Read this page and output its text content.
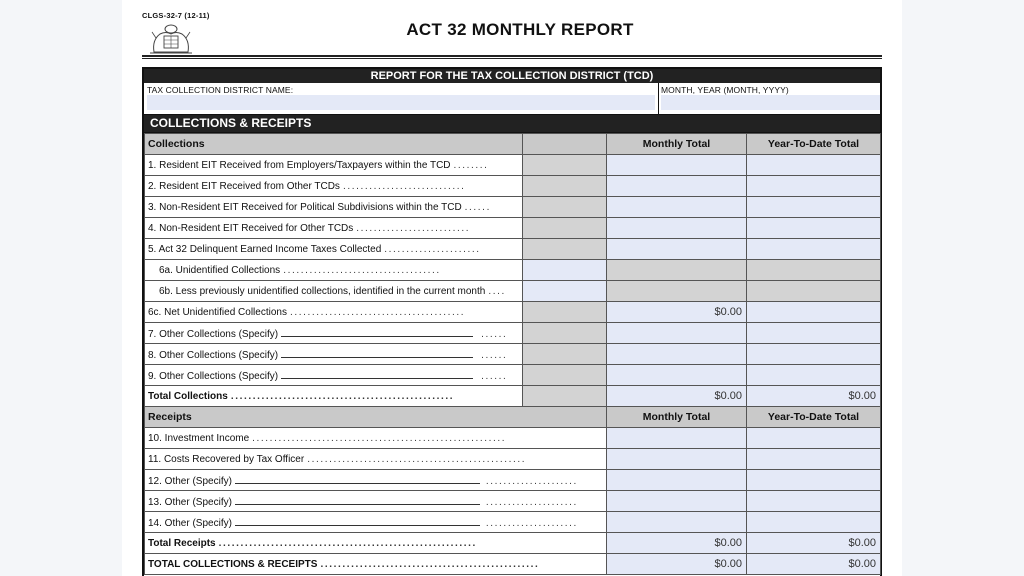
CLGS-32-7 (12-11)
ACT 32 MONTHLY REPORT
REPORT FOR THE TAX COLLECTION DISTRICT (TCD)
TAX COLLECTION DISTRICT NAME:	MONTH, YEAR (MONTH, YYYY)
COLLECTIONS & RECEIPTS
Collections		Monthly Total	Year-To-Date Total
1. Resident EIT Received from Employers/Taxpayers within the TCD ........			
2. Resident EIT Received from Other TCDs ............................			
3. Non-Resident EIT Received for Political Subdivisions within the TCD ......			
4. Non-Resident EIT Received for Other TCDs ..........................			
5. Act 32 Delinquent Earned Income Taxes Collected ......................			
6a. Unidentified Collections ....................................			
6b. Less previously unidentified collections, identified in the current month ....			
6c. Net Unidentified Collections ........................................		$0.00	
7. Other Collections (Specify) ......			
8. Other Collections (Specify) ......			
9. Other Collections (Specify) ......			
Total Collections ...................................................		$0.00	$0.00
Receipts		Monthly Total	Year-To-Date Total
10. Investment Income ..........................................................			
11. Costs Recovered by Tax Officer ..................................................			
12. Other (Specify) .....................			
13. Other (Specify) .....................			
14. Other (Specify) .....................			
Total Receipts ...........................................................		$0.00	$0.00
TOTAL COLLECTIONS & RECEIPTS ..................................................		$0.00	$0.00
